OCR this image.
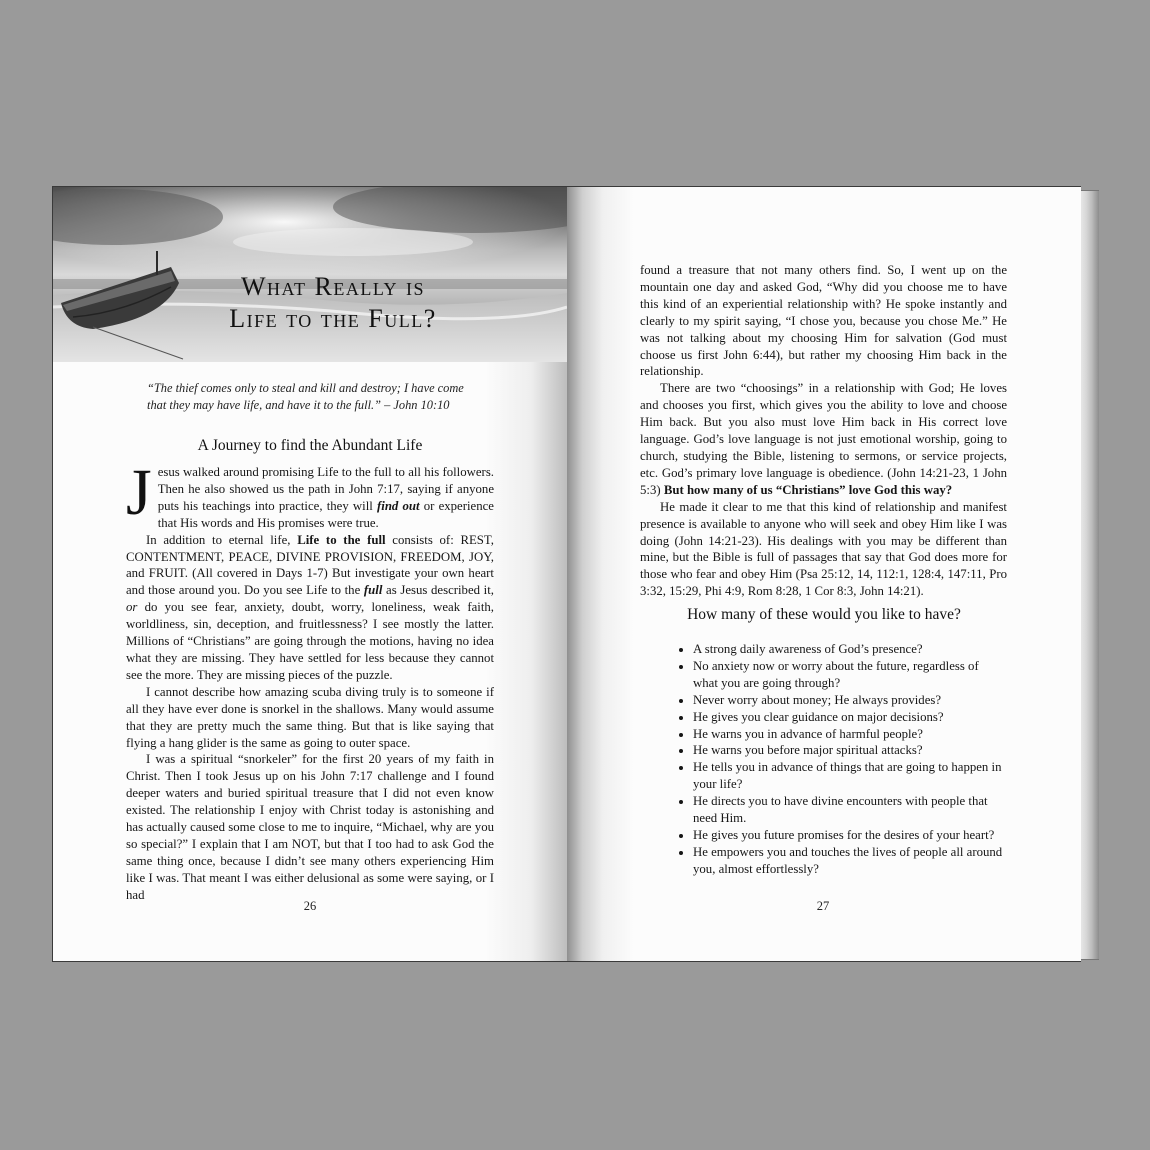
What Really is
Life to the Full?

“The thief comes only to steal and kill and destroy; I have come
that they may have life, and have it to the full.” – John 10:10

A Journey to find the Abundant Life

Jesus walked around promising Life to the full to all his followers. Then he also showed us the path in John 7:17, saying if anyone puts his teachings into practice, they will find out or experience that His words and His promises were true.

In addition to eternal life, Life to the full consists of: REST, CONTENTMENT, PEACE, DIVINE PROVISION, FREEDOM, JOY, and FRUIT. (All covered in Days 1-7) But investigate your own heart and those around you. Do you see Life to the full as Jesus described it, or do you see fear, anxiety, doubt, worry, loneliness, weak faith, worldliness, sin, deception, and fruitlessness? I see mostly the latter. Millions of “Christians” are going through the motions, having no idea what they are missing. They have settled for less because they cannot see the more. They are missing pieces of the puzzle.

I cannot describe how amazing scuba diving truly is to someone if all they have ever done is snorkel in the shallows. Many would assume that they are pretty much the same thing. But that is like saying that flying a hang glider is the same as going to outer space.

I was a spiritual “snorkeler” for the first 20 years of my faith in Christ. Then I took Jesus up on his John 7:17 challenge and I found deeper waters and buried spiritual treasure that I did not even know existed. The relationship I enjoy with Christ today is astonishing and has actually caused some close to me to inquire, “Michael, why are you so special?” I explain that I am NOT, but that I too had to ask God the same thing once, because I didn’t see many others experiencing Him like I was. That meant I was either delusional as some were saying, or I had

26

found a treasure that not many others find. So, I went up on the mountain one day and asked God, “Why did you choose me to have this kind of an experiential relationship with? He spoke instantly and clearly to my spirit saying, “I chose you, because you chose Me.” He was not talking about my choosing Him for salvation (God must choose us first John 6:44), but rather my choosing Him back in the relationship.

There are two “choosings” in a relationship with God; He loves and chooses you first, which gives you the ability to love and choose Him back. But you also must love Him back in His correct love language. God’s love language is not just emotional worship, going to church, studying the Bible, listening to sermons, or service projects, etc. God’s primary love language is obedience. (John 14:21-23, 1 John 5:3) But how many of us “Christians” love God this way?

He made it clear to me that this kind of relationship and manifest presence is available to anyone who will seek and obey Him like I was doing (John 14:21-23). His dealings with you may be different than mine, but the Bible is full of passages that say that God does more for those who fear and obey Him (Psa 25:12, 14, 112:1, 128:4, 147:11, Pro 3:32, 15:29, Phi 4:9, Rom 8:28, 1 Cor 8:3, John 14:21).

How many of these would you like to have?
• A strong daily awareness of God’s presence?
• No anxiety now or worry about the future, regardless of what you are going through?
• Never worry about money; He always provides?
• He gives you clear guidance on major decisions?
• He warns you in advance of harmful people?
• He warns you before major spiritual attacks?
• He tells you in advance of things that are going to happen in your life?
• He directs you to have divine encounters with people that need Him.
• He gives you future promises for the desires of your heart?
• He empowers you and touches the lives of people all around you, almost effortlessly?

27
